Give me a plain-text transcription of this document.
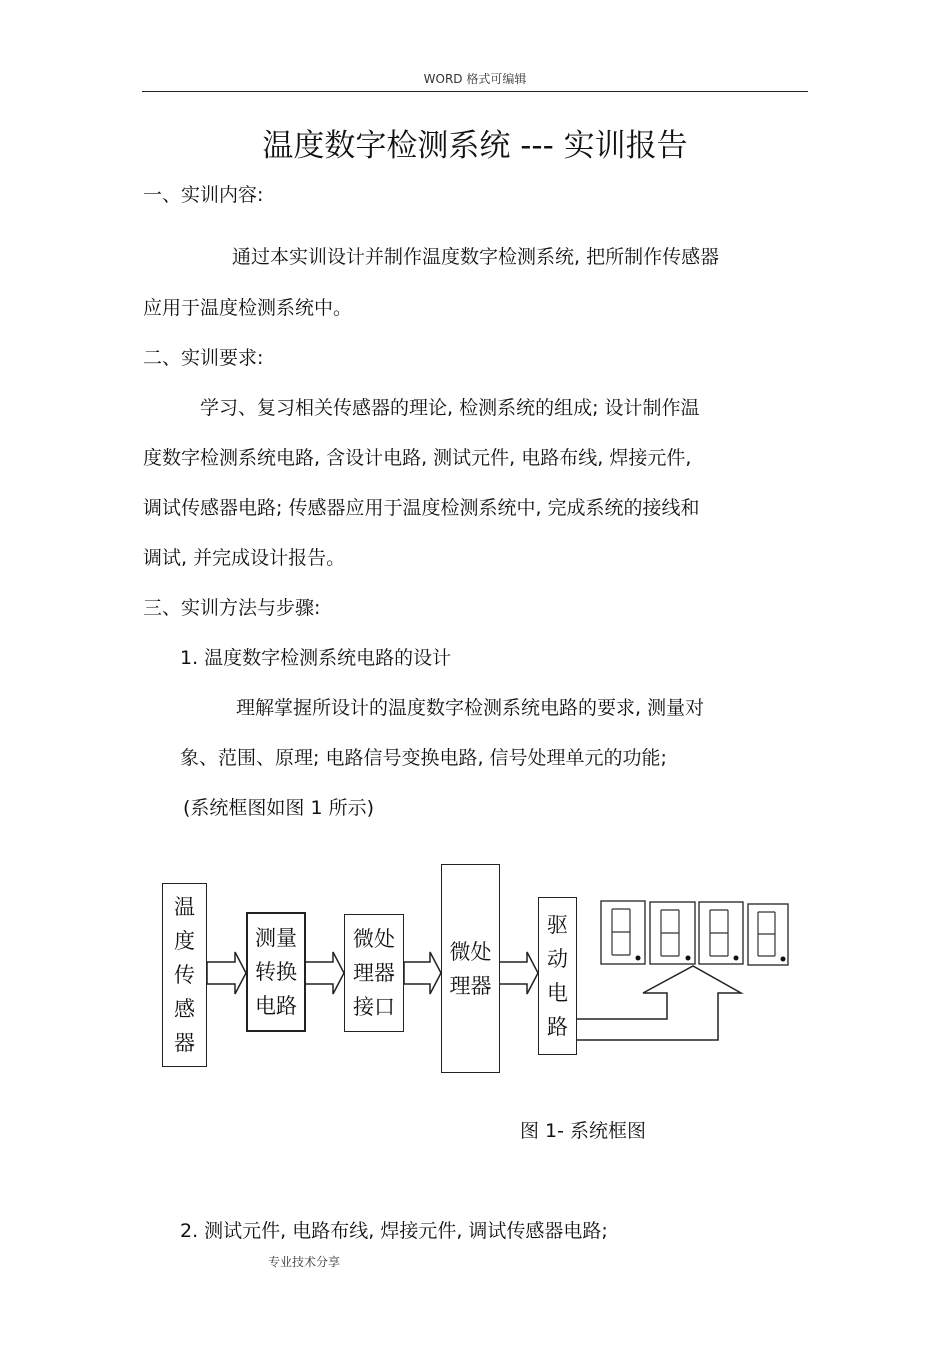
WORD 格式可编辑
温度数字检测系统 --- 实训报告
一、实训内容:
通过本实训设计并制作温度数字检测系统, 把所制作传感器
应用于温度检测系统中。
二、实训要求:
学习、复习相关传感器的理论, 检测系统的组成; 设计制作温
度数字检测系统电路, 含设计电路, 测试元件, 电路布线, 焊接元件,
调试传感器电路; 传感器应用于温度检测系统中, 完成系统的接线和
调试, 并完成设计报告。
三、实训方法与步骤:
1. 温度数字检测系统电路的设计
理解掌握所设计的温度数字检测系统电路的要求, 测量对
象、范围、原理; 电路信号变换电路, 信号处理单元的功能;
(系统框图如图 1 所示)
温
度
传
感
器
测量
转换
电路
微处
理器
接口
微处
理器
驱
动
电
路
图 1- 系统框图
2. 测试元件, 电路布线, 焊接元件, 调试传感器电路;
专业技术分享
